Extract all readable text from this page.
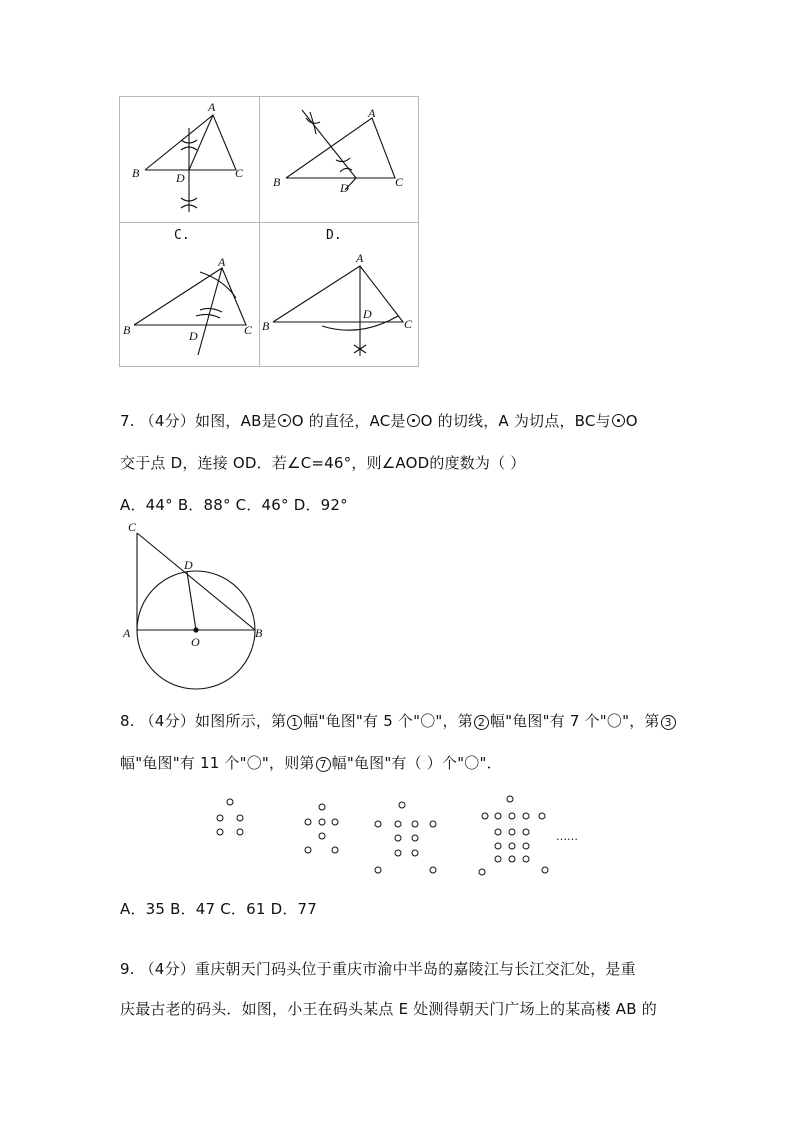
A
B	C
D
A
B	C
D
A
B	C
D
A
B	C
D
C.	D.
7. （4分）如图，AB是 O 的直径，AC是 O 的切线，A 为切点，BC与 O
交于点 D，连接 OD．若∠C=46°，则∠AOD的度数为（ ）
A．44° B．88° C．46° D．92°
C
D
A
O
B
8. （4分）如图所示，第 1 幅"龟图"有 5 个"〇"，第 2 幅"龟图"有 7 个"〇"，第 3
幅"龟图"有 11 个"〇"，则第 7 幅"龟图"有（ ）个"〇"．
……
A．35 B．47 C．61 D．77
9. （4分）重庆朝天门码头位于重庆市渝中半岛的嘉陵江与长江交汇处，是重
庆最古老的码头．如图，小王在码头某点 E 处测得朝天门广场上的某高楼 AB 的
